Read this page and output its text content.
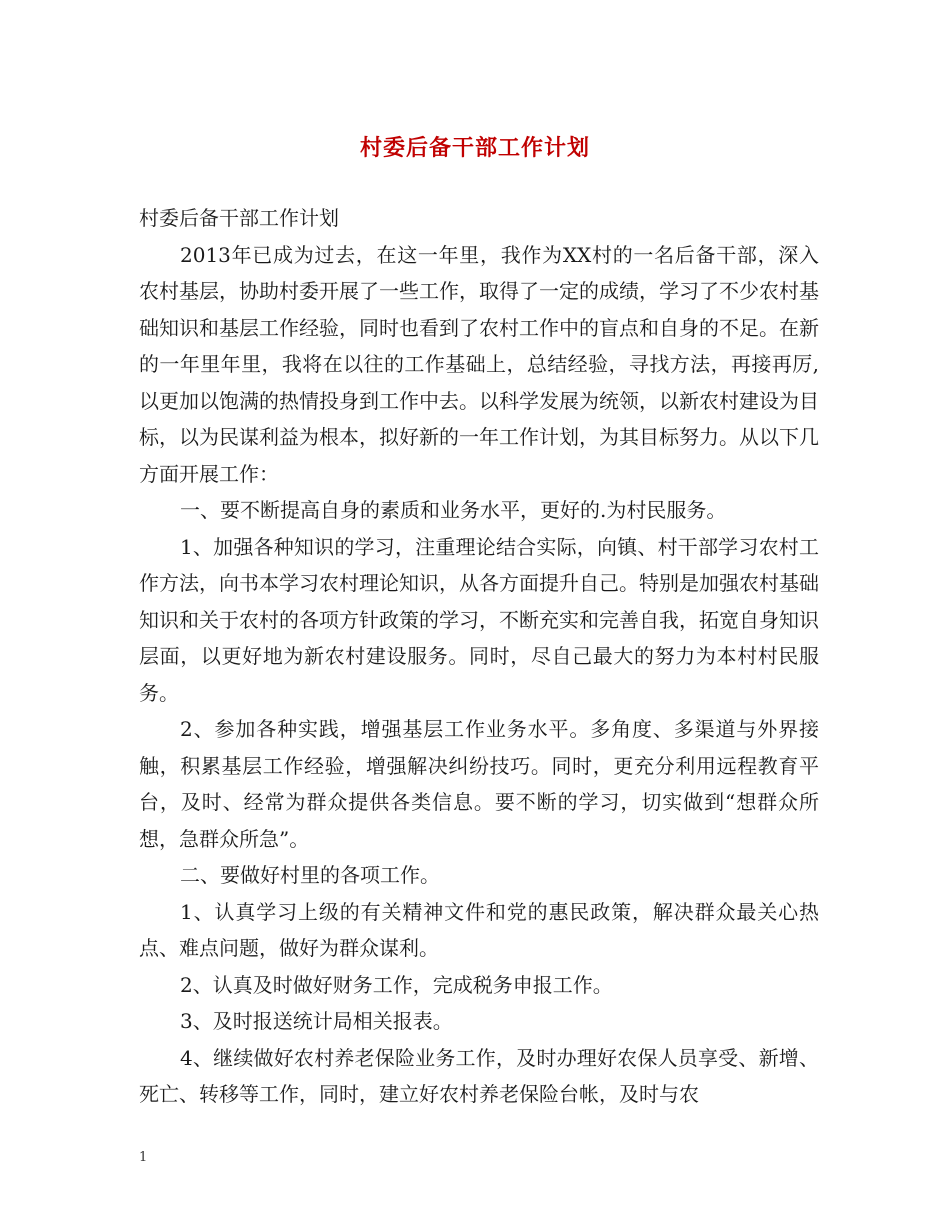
村委后备干部工作计划

村委后备干部工作计划

2013年已成为过去，在这一年里，我作为XX村的一名后备干部，深入农村基层，协助村委开展了一些工作，取得了一定的成绩，学习了不少农村基础知识和基层工作经验，同时也看到了农村工作中的盲点和自身的不足。在新的一年里年里，我将在以往的工作基础上，总结经验，寻找方法，再接再厉,以更加以饱满的热情投身到工作中去。以科学发展为统领，以新农村建设为目标，以为民谋利益为根本，拟好新的一年工作计划，为其目标努力。从以下几方面开展工作：

一、要不断提高自身的素质和业务水平，更好的.为村民服务。

1、加强各种知识的学习，注重理论结合实际，向镇、村干部学习农村工作方法，向书本学习农村理论知识，从各方面提升自己。特别是加强农村基础知识和关于农村的各项方针政策的学习，不断充实和完善自我，拓宽自身知识层面，以更好地为新农村建设服务。同时，尽自己最大的努力为本村村民服务。

2、参加各种实践，增强基层工作业务水平。多角度、多渠道与外界接触，积累基层工作经验，增强解决纠纷技巧。同时，更充分利用远程教育平台，及时、经常为群众提供各类信息。要不断的学习，切实做到“想群众所想，急群众所急”。

二、要做好村里的各项工作。

1、认真学习上级的有关精神文件和党的惠民政策，解决群众最关心热点、难点问题，做好为群众谋利。

2、认真及时做好财务工作，完成税务申报工作。

3、及时报送统计局相关报表。

4、继续做好农村养老保险业务工作，及时办理好农保人员享受、新增、死亡、转移等工作，同时，建立好农村养老保险台帐，及时与农

1
